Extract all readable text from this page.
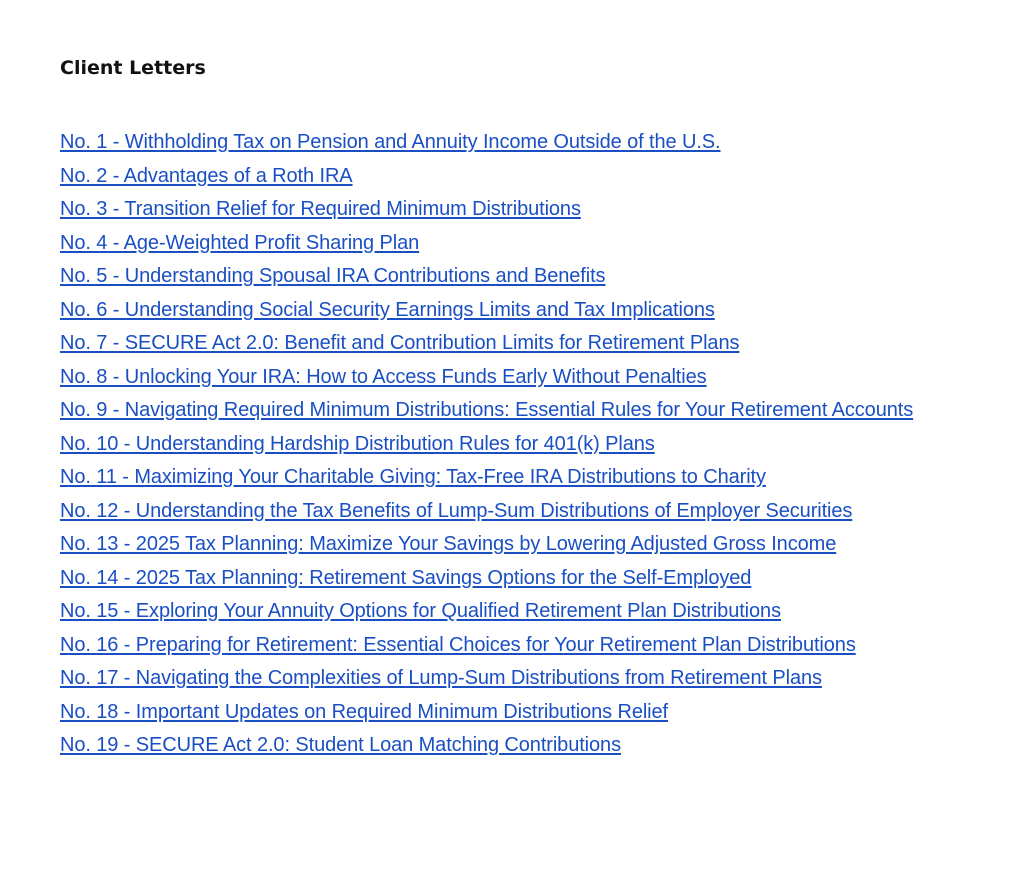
Client Letters
No. 1 - Withholding Tax on Pension and Annuity Income Outside of the U.S.
No. 2 - Advantages of a Roth IRA
No. 3 - Transition Relief for Required Minimum Distributions
No. 4 - Age-Weighted Profit Sharing Plan
No. 5 - Understanding Spousal IRA Contributions and Benefits
No. 6 - Understanding Social Security Earnings Limits and Tax Implications
No. 7 - SECURE Act 2.0: Benefit and Contribution Limits for Retirement Plans
No. 8 - Unlocking Your IRA: How to Access Funds Early Without Penalties
No. 9 - Navigating Required Minimum Distributions: Essential Rules for Your Retirement Accounts
No. 10 - Understanding Hardship Distribution Rules for 401(k) Plans
No. 11 - Maximizing Your Charitable Giving: Tax-Free IRA Distributions to Charity
No. 12 - Understanding the Tax Benefits of Lump-Sum Distributions of Employer Securities
No. 13 - 2025 Tax Planning: Maximize Your Savings by Lowering Adjusted Gross Income
No. 14 - 2025 Tax Planning: Retirement Savings Options for the Self-Employed
No. 15 - Exploring Your Annuity Options for Qualified Retirement Plan Distributions
No. 16 - Preparing for Retirement: Essential Choices for Your Retirement Plan Distributions
No. 17 - Navigating the Complexities of Lump-Sum Distributions from Retirement Plans
No. 18 - Important Updates on Required Minimum Distributions Relief
No. 19 - SECURE Act 2.0: Student Loan Matching Contributions
